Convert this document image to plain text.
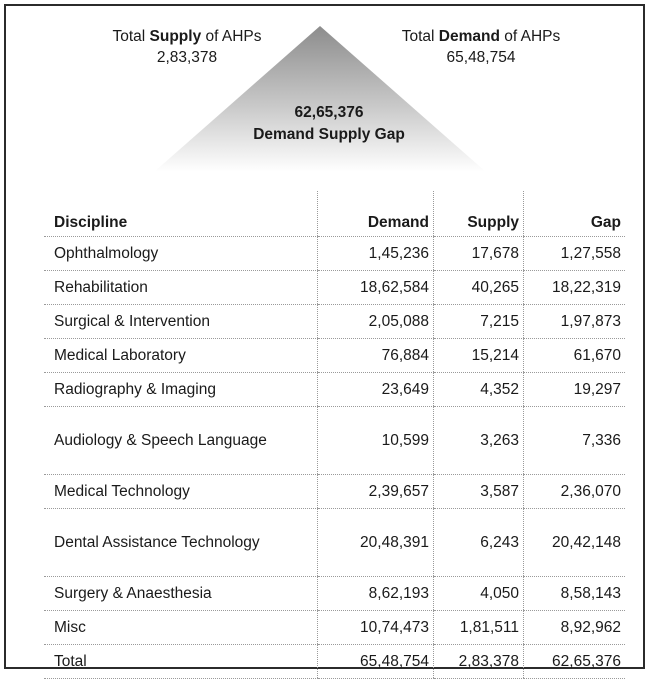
Total Supply of AHPs
2,83,378
Total Demand of AHPs
65,48,754
62,65,376
Demand Supply Gap
Discipline	Demand	Supply	Gap
Ophthalmology	1,45,236	17,678	1,27,558
Rehabilitation	18,62,584	40,265	18,22,319
Surgical & Intervention	2,05,088	7,215	1,97,873
Medical Laboratory	76,884	15,214	61,670
Radiography & Imaging	23,649	4,352	19,297
Audiology & Speech Language	10,599	3,263	7,336
Medical Technology	2,39,657	3,587	2,36,070
Dental Assistance Technology	20,48,391	6,243	20,42,148
Surgery & Anaesthesia	8,62,193	4,050	8,58,143
Misc	10,74,473	1,81,511	8,92,962
Total	65,48,754	2,83,378	62,65,376
